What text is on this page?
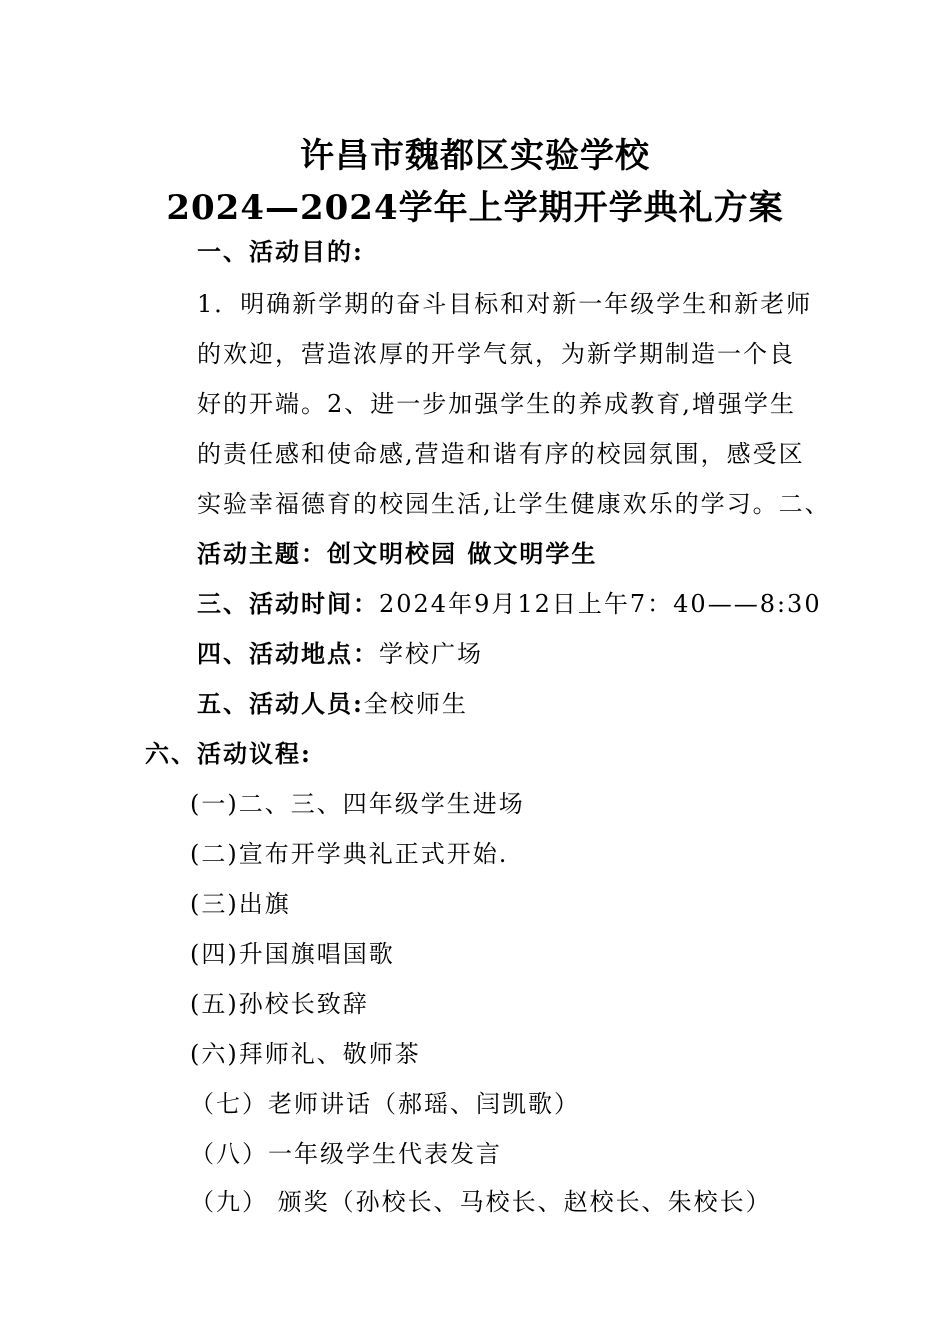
许昌市魏都区实验学校
2024—2024学年上学期开学典礼方案
一、活动目的:
1．明确新学期的奋斗目标和对新一年级学生和新老师
的欢迎，营造浓厚的开学气氛，为新学期制造一个良
好的开端。2、进一步加强学生的养成教育,增强学生
的责任感和使命感,营造和谐有序的校园氛围，感受区
实验幸福德育的校园生活,让学生健康欢乐的学习。二、
活动主题：创文明校园 做文明学生
三、活动时间：2024年9月12日上午7：40——8:30
四、活动地点：学校广场
五、活动人员:全校师生
六、活动议程:
(一)二、三、四年级学生进场
(二)宣布开学典礼正式开始.
(三)出旗
(四)升国旗唱国歌
(五)孙校长致辞
(六)拜师礼、敬师茶
（七）老师讲话（郝瑶、闫凯歌）
（八）一年级学生代表发言
（九） 颁奖（孙校长、马校长、赵校长、朱校长）
